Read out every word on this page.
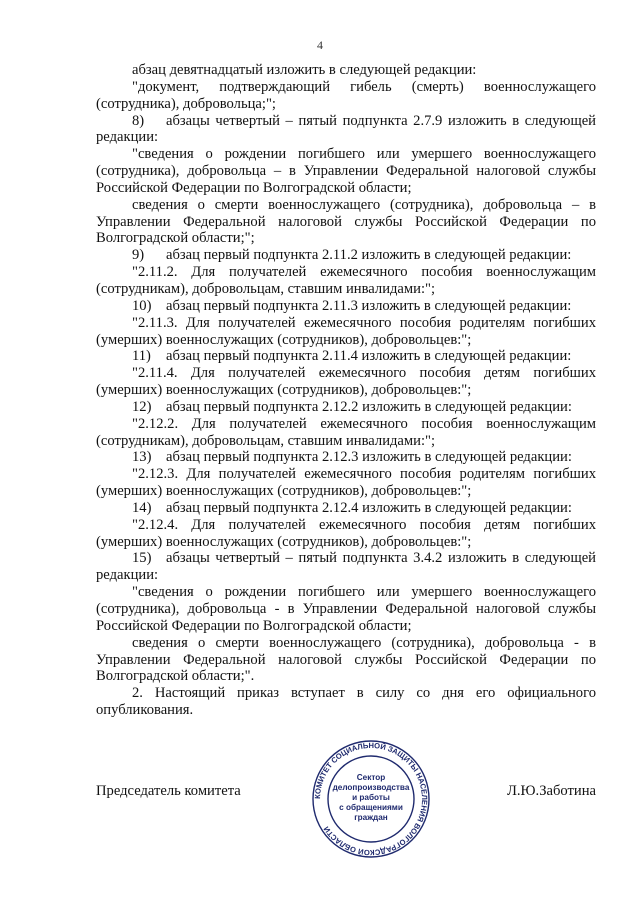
4

абзац девятнадцатый изложить в следующей редакции:

"документ, подтверждающий гибель (смерть) военнослужащего (сотрудника), добровольца;";

8) абзацы четвертый – пятый подпункта 2.7.9 изложить в следующей редакции:

"сведения о рождении погибшего или умершего военнослужащего (сотрудника), добровольца – в Управлении Федеральной налоговой службы Российской Федерации по Волгоградской области;

сведения о смерти военнослужащего (сотрудника), добровольца – в Управлении Федеральной налоговой службы Российской Федерации по Волгоградской области;";

9) абзац первый подпункта 2.11.2 изложить в следующей редакции:

"2.11.2. Для получателей ежемесячного пособия военнослужащим (сотрудникам), добровольцам, ставшим инвалидами:";

10) абзац первый подпункта 2.11.3 изложить в следующей редакции:

"2.11.3. Для получателей ежемесячного пособия родителям погибших (умерших) военнослужащих (сотрудников), добровольцев:";

11) абзац первый подпункта 2.11.4 изложить в следующей редакции:

"2.11.4. Для получателей ежемесячного пособия детям погибших (умерших) военнослужащих (сотрудников), добровольцев:";

12) абзац первый подпункта 2.12.2 изложить в следующей редакции:

"2.12.2. Для получателей ежемесячного пособия военнослужащим (сотрудникам), добровольцам, ставшим инвалидами:";

13) абзац первый подпункта 2.12.3 изложить в следующей редакции:

"2.12.3. Для получателей ежемесячного пособия родителям погибших (умерших) военнослужащих (сотрудников), добровольцев:";

14) абзац первый подпункта 2.12.4 изложить в следующей редакции:

"2.12.4. Для получателей ежемесячного пособия детям погибших (умерших) военнослужащих (сотрудников), добровольцев:";

15) абзацы четвертый – пятый подпункта 3.4.2 изложить в следующей редакции:

"сведения о рождении погибшего или умершего военнослужащего (сотрудника), добровольца - в Управлении Федеральной налоговой службы Российской Федерации по Волгоградской области;

сведения о смерти военнослужащего (сотрудника), добровольца - в Управлении Федеральной налоговой службы Российской Федерации по Волгоградской области;".

2. Настоящий приказ вступает в силу со дня его официального опубликования.

Председатель комитета	Л.Ю.Заботина
КОМИТЕТ СОЦИАЛЬНОЙ ЗАЩИТЫ НАСЕЛЕНИЯ ВОЛГОГРАДСКОЙ ОБЛАСТИ
Сектор
делопроизводства
и работы
с обращениями
граждан
